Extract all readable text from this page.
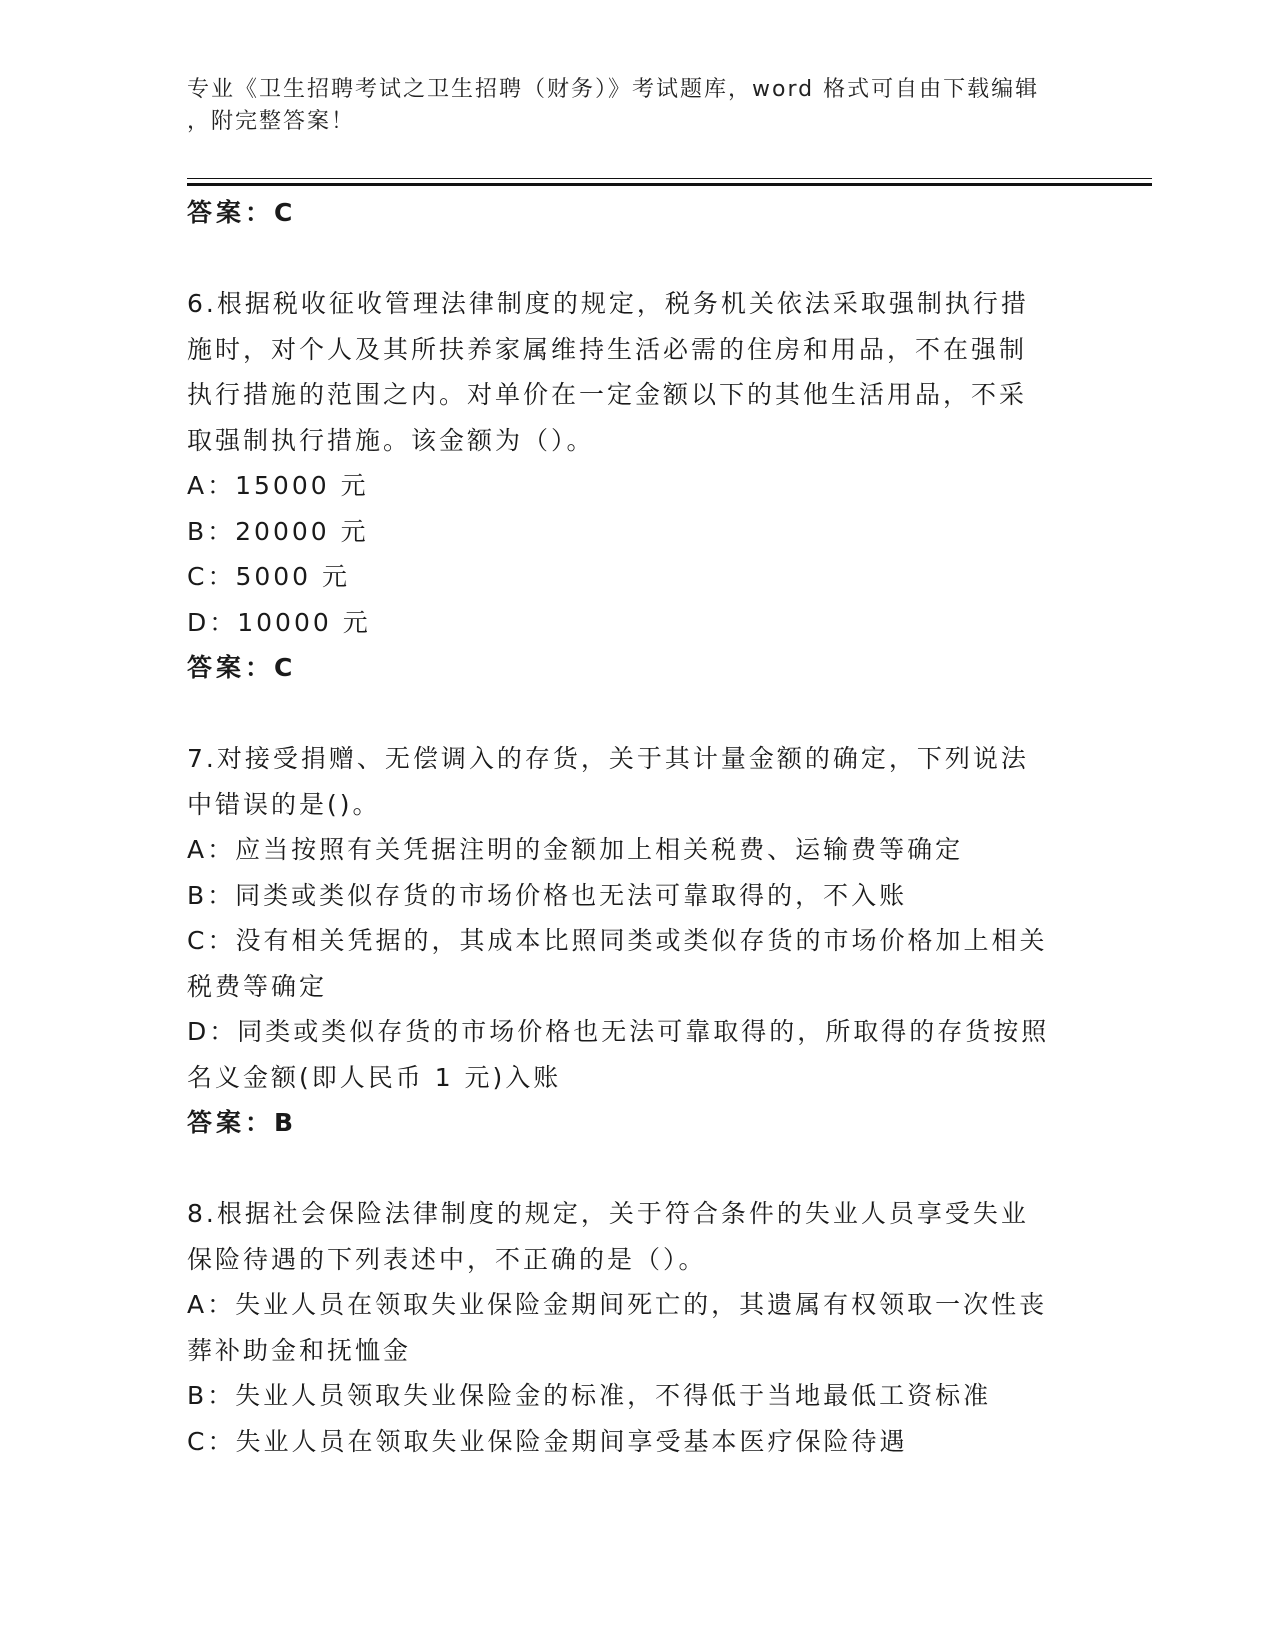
专业《卫生招聘考试之卫生招聘（财务）》考试题库，word 格式可自由下载编辑
，附完整答案！
答案：C
6.根据税收征收管理法律制度的规定，税务机关依法采取强制执行措
施时，对个人及其所扶养家属维持生活必需的住房和用品，不在强制
执行措施的范围之内。对单价在一定金额以下的其他生活用品，不采
取强制执行措施。该金额为（）。
A：15000 元
B：20000 元
C：5000 元
D：10000 元
答案：C
7.对接受捐赠、无偿调入的存货，关于其计量金额的确定，下列说法
中错误的是()。
A：应当按照有关凭据注明的金额加上相关税费、运输费等确定
B：同类或类似存货的市场价格也无法可靠取得的，不入账
C：没有相关凭据的，其成本比照同类或类似存货的市场价格加上相关
税费等确定
D：同类或类似存货的市场价格也无法可靠取得的，所取得的存货按照
名义金额(即人民币 1 元)入账
答案：B
8.根据社会保险法律制度的规定，关于符合条件的失业人员享受失业
保险待遇的下列表述中，不正确的是（）。
A：失业人员在领取失业保险金期间死亡的，其遗属有权领取一次性丧
葬补助金和抚恤金
B：失业人员领取失业保险金的标准，不得低于当地最低工资标准
C：失业人员在领取失业保险金期间享受基本医疗保险待遇
